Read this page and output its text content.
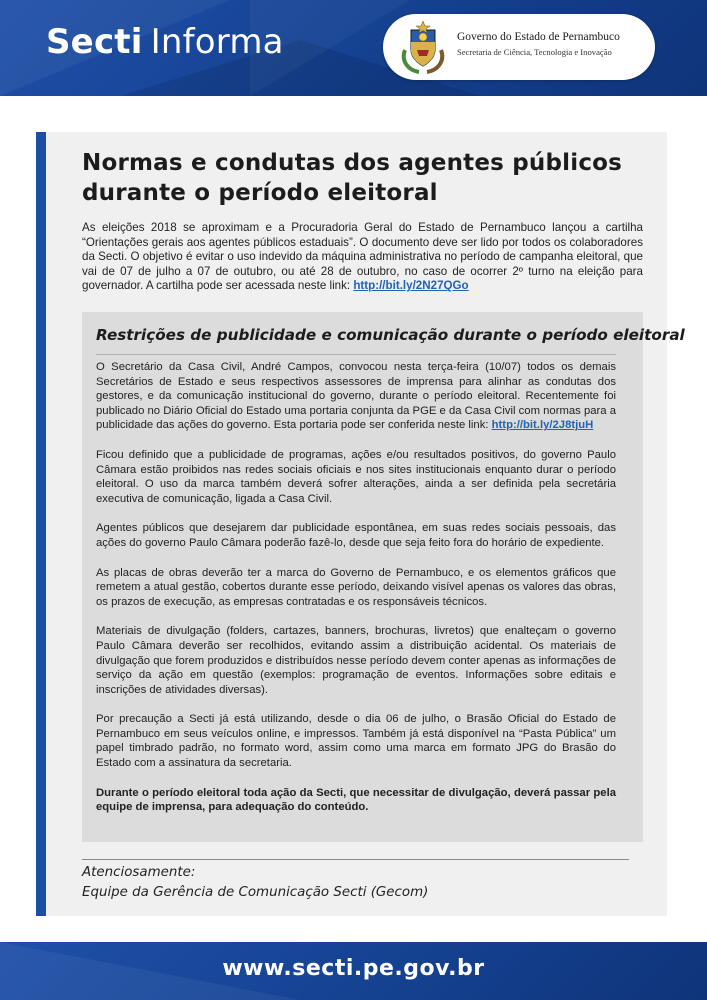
Secti Informa	Governo do Estado de Pernambuco
Secretaria de Ciência, Tecnologia e Inovação
Normas e condutas dos agentes públicos durante o período eleitoral

As eleições 2018 se aproximam e a Procuradoria Geral do Estado de Pernambuco lançou a cartilha “Orientações gerais aos agentes públicos estaduais”. O documento deve ser lido por todos os colaboradores da Secti. O objetivo é evitar o uso indevido da máquina administrativa no período de campanha eleitoral, que vai de 07 de julho a 07 de outubro, ou até 28 de outubro, no caso de ocorrer 2º turno na eleição para governador. A cartilha pode ser acessada neste link: http://bit.ly/2N27QGo

Restrições de publicidade e comunicação durante o período eleitoral

O Secretário da Casa Civil, André Campos, convocou nesta terça-feira (10/07) todos os demais Secretários de Estado e seus respectivos assessores de imprensa para alinhar as condutas dos gestores, e da comunicação institucional do governo, durante o período eleitoral. Recentemente foi publicado no Diário Oficial do Estado uma portaria conjunta da PGE e da Casa Civil com normas para a publicidade das ações do governo. Esta portaria pode ser conferida neste link: http://bit.ly/2J8tjuH

Ficou definido que a publicidade de programas, ações e/ou resultados positivos, do governo Paulo Câmara estão proibidos nas redes sociais oficiais e nos sites institucionais enquanto durar o período eleitoral. O uso da marca também deverá sofrer alterações, ainda a ser definida pela secretária executiva de comunicação, ligada a Casa Civil.

Agentes públicos que desejarem dar publicidade espontânea, em suas redes sociais pessoais, das ações do governo Paulo Câmara poderão fazê-lo, desde que seja feito fora do horário de expediente.

As placas de obras deverão ter a marca do Governo de Pernambuco, e os elementos gráficos que remetem a atual gestão, cobertos durante esse período, deixando visível apenas os valores das obras, os prazos de execução, as empresas contratadas e os responsáveis técnicos.

Materiais de divulgação (folders, cartazes, banners, brochuras, livretos) que enalteçam o governo Paulo Câmara deverão ser recolhidos, evitando assim a distribuição acidental. Os materiais de divulgação que forem produzidos e distribuídos nesse período devem conter apenas as informações de serviço da ação em questão (exemplos: programação de eventos. Informações sobre editais e inscrições de atividades diversas).

Por precaução a Secti já está utilizando, desde o dia 06 de julho, o Brasão Oficial do Estado de Pernambuco em seus veículos online, e impressos. Também já está disponível na “Pasta Pública” um papel timbrado padrão, no formato word, assim como uma marca em formato JPG do Brasão do Estado com a assinatura da secretaria.

Durante o período eleitoral toda ação da Secti, que necessitar de divulgação, deverá passar pela equipe de imprensa, para adequação do conteúdo.

Atenciosamente:
Equipe da Gerência de Comunicação Secti (Gecom)
www.secti.pe.gov.br
